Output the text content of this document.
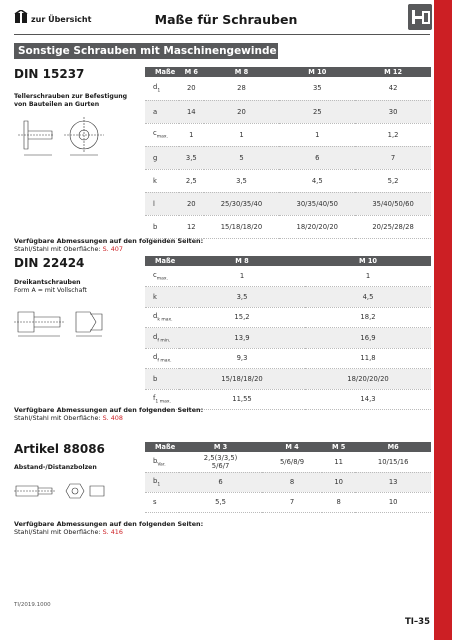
zur Übersicht	Maße für Schrauben
Sonstige Schrauben mit Maschinengewinde
DIN 15237
Tellerschrauben zur Befestigung
von Bauteilen an Gurten
Maße	M 6	M 8	M 10	M 12
$d_1$	20	28	35	42
a	14	20	25	30
$c_{max.}$	1	1	1	1,2
g	3,5	5	6	7
k	2,5	3,5	4,5	5,2
l	20	25/30/35/40	30/35/40/50	35/40/50/60
b	12	15/18/18/20	18/20/20/20	20/25/28/28
Verfügbare Abmessungen auf den folgenden Seiten:
Stahl/Stahl mit Oberfläche: S. 407
DIN 22424
Dreikantschrauben
Form A = mit Vollschaft
Maße	M 8	M 10
$c_{max.}$	1	1
k	3,5	4,5
$d_{k max.}$	15,2	18,2
$d_{f min.}$	13,9	16,9
$d_{f max.}$	9,3	11,8
b	15/18/18/20	18/20/20/20
$f_{1 max.}$	11,55	14,3
Verfügbare Abmessungen auf den folgenden Seiten:
Stahl/Stahl mit Oberfläche: S. 408
Artikel 88086
Abstand-/Distanzbolzen
Maße	M 3	M 4	M 5	M6
$b_{Var.}$	2,5(3/3,5)
5/6/7	5/6/8/9	11	10/15/16
$b_1$	6	8	10	13
s	5,5	7	8	10
Verfügbare Abmessungen auf den folgenden Seiten:
Stahl/Stahl mit Oberfläche: S. 416
TI/2019.1000
TI–35
